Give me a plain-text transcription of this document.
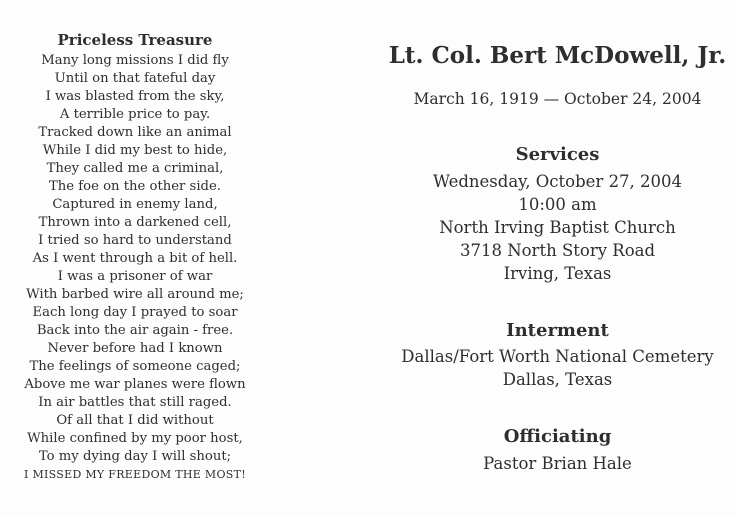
Priceless Treasure
Many long missions I did fly
Until on that fateful day
I was blasted from the sky,
A terrible price to pay.
Tracked down like an animal
While I did my best to hide,
They called me a criminal,
The foe on the other side.
Captured in enemy land,
Thrown into a darkened cell,
I tried so hard to understand
As I went through a bit of hell.
I was a prisoner of war
With barbed wire all around me;
Each long day I prayed to soar
Back into the air again - free.
Never before had I known
The feelings of someone caged;
Above me war planes were flown
In air battles that still raged.
Of all that I did without
While confined by my poor host,
To my dying day I will shout;
I MISSED MY FREEDOM THE MOST!
Lt. Col. Bert McDowell, Jr.
March 16, 1919 — October 24, 2004
Services
Wednesday, October 27, 2004
10:00 am
North Irving Baptist Church
3718 North Story Road
Irving, Texas
Interment
Dallas/Fort Worth National Cemetery
Dallas, Texas
Officiating
Pastor Brian Hale
